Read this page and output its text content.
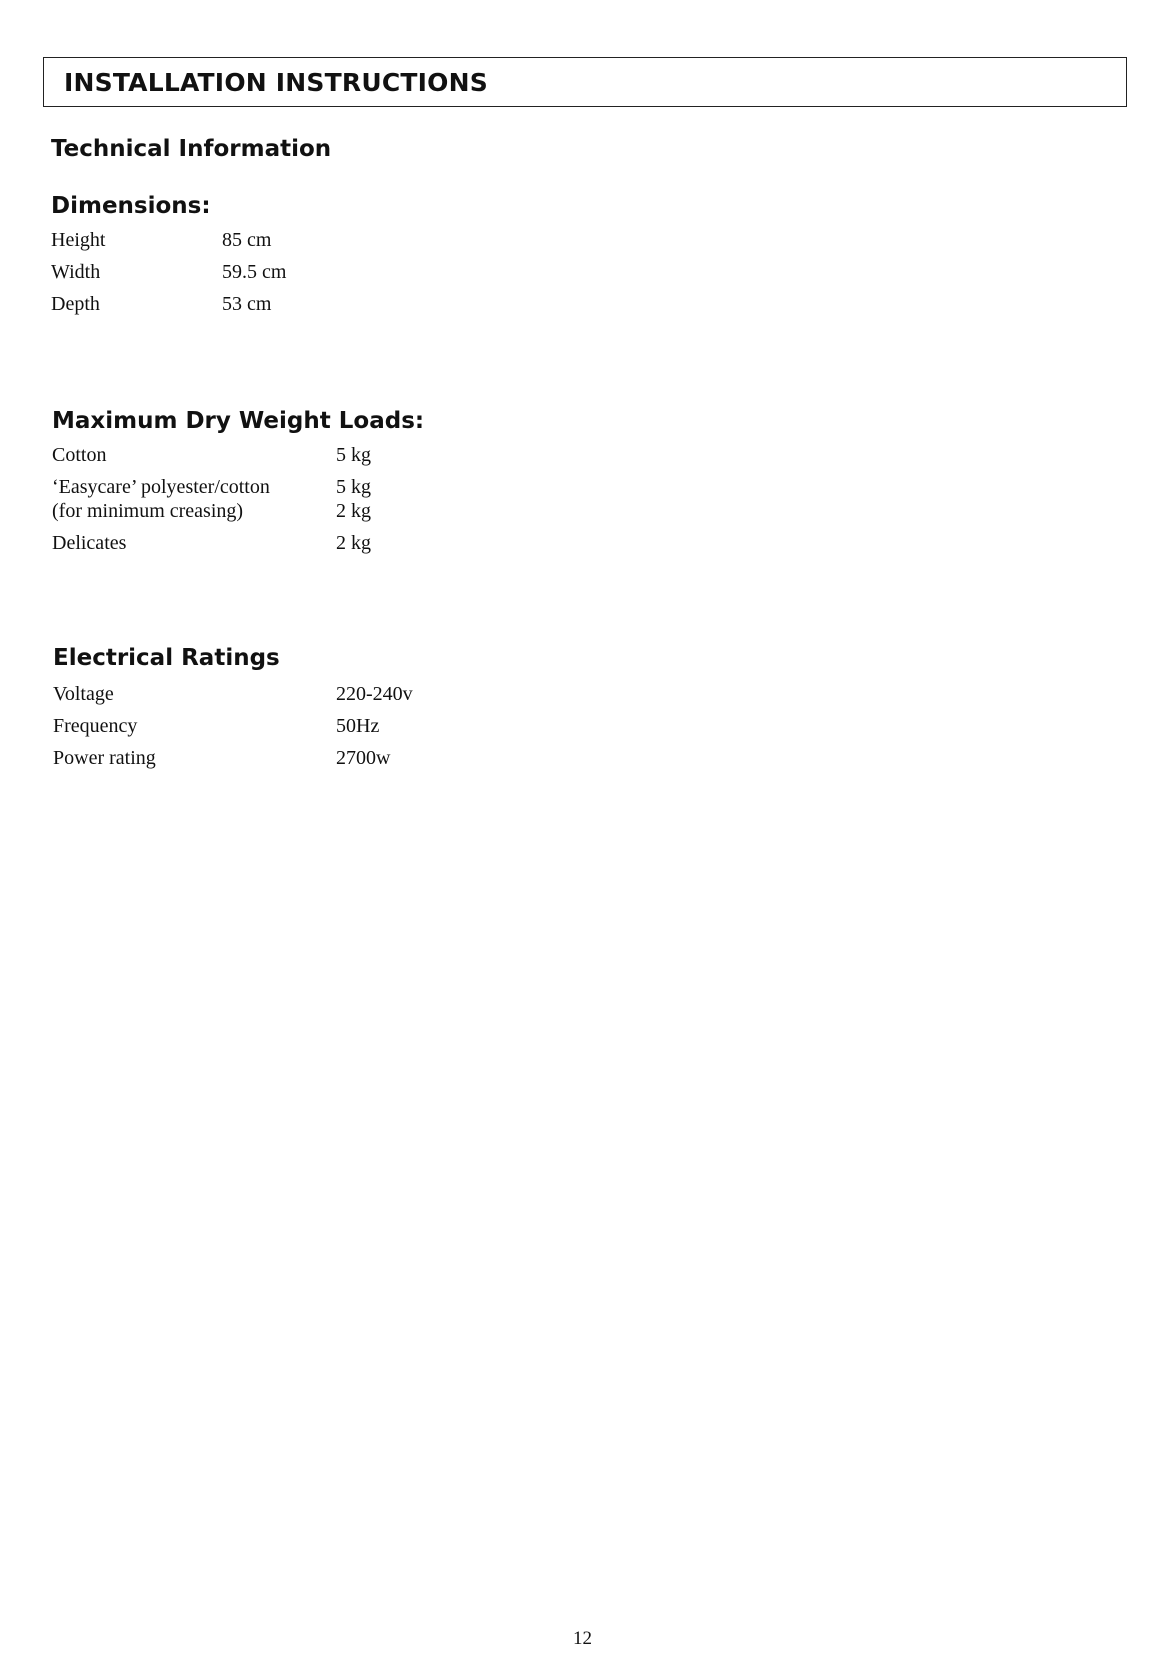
INSTALLATION INSTRUCTIONS
Technical Information
Dimensions:
Height	85 cm
Width	59.5 cm
Depth	53 cm
Maximum Dry Weight Loads:
Cotton	5 kg
‘Easycare’ polyester/cotton	5 kg
(for minimum creasing)	2 kg
Delicates	2 kg
Electrical Ratings
Voltage	220-240v
Frequency	50Hz
Power rating	2700w
12
